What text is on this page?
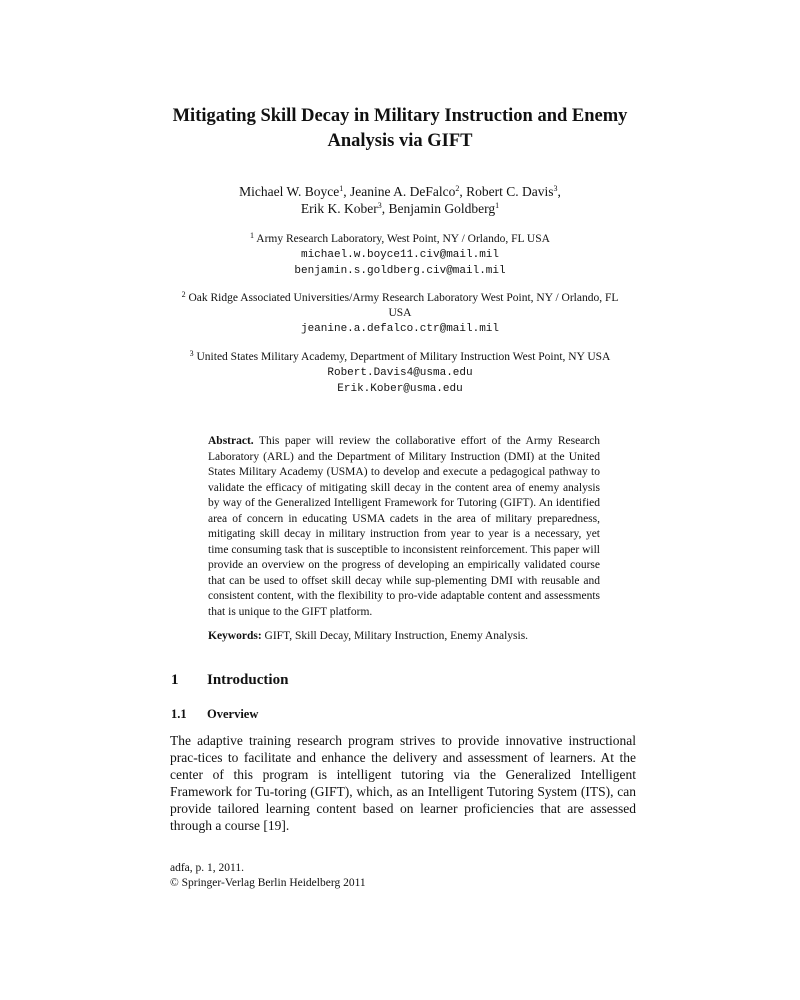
Mitigating Skill Decay in Military Instruction and Enemy
Analysis via GIFT
Michael W. Boyce$^1$, Jeanine A. DeFalco$^2$, Robert C. Davis$^3$,
Erik K. Kober$^3$, Benjamin Goldberg$^1$
$^1$ Army Research Laboratory, West Point, NY / Orlando, FL USA
michael.w.boyce11.civ@mail.mil
benjamin.s.goldberg.civ@mail.mil
$^2$ Oak Ridge Associated Universities/Army Research Laboratory West Point, NY / Orlando, FL
USA
jeanine.a.defalco.ctr@mail.mil
$^3$ United States Military Academy, Department of Military Instruction West Point, NY USA
Robert.Davis4@usma.edu
Erik.Kober@usma.edu
Abstract. This paper will review the collaborative effort of the Army Research Laboratory (ARL) and the Department of Military Instruction (DMI) at the United States Military Academy (USMA) to develop and execute a pedagogical pathway to validate the efficacy of mitigating skill decay in the content area of enemy analysis by way of the Generalized Intelligent Framework for Tutoring (GIFT). An identified area of concern in educating USMA cadets in the area of military preparedness, mitigating skill decay in military instruction from year to year is a necessary, yet time consuming task that is susceptible to inconsistent reinforcement. This paper will provide an overview on the progress of developing an empirically validated course that can be used to offset skill decay while sup-plementing DMI with reusable and consistent content, with the flexibility to pro-vide adaptable content and assessments that is unique to the GIFT platform.
Keywords: GIFT, Skill Decay, Military Instruction, Enemy Analysis.
1 Introduction
1.1 Overview
The adaptive training research program strives to provide innovative instructional prac-tices to facilitate and enhance the delivery and assessment of learners. At the center of this program is intelligent tutoring via the Generalized Intelligent Framework for Tu-toring (GIFT), which, as an Intelligent Tutoring System (ITS), can provide tailored learning content based on learner proficiencies that are assessed through a course [19].
adfa, p. 1, 2011.
© Springer-Verlag Berlin Heidelberg 2011
